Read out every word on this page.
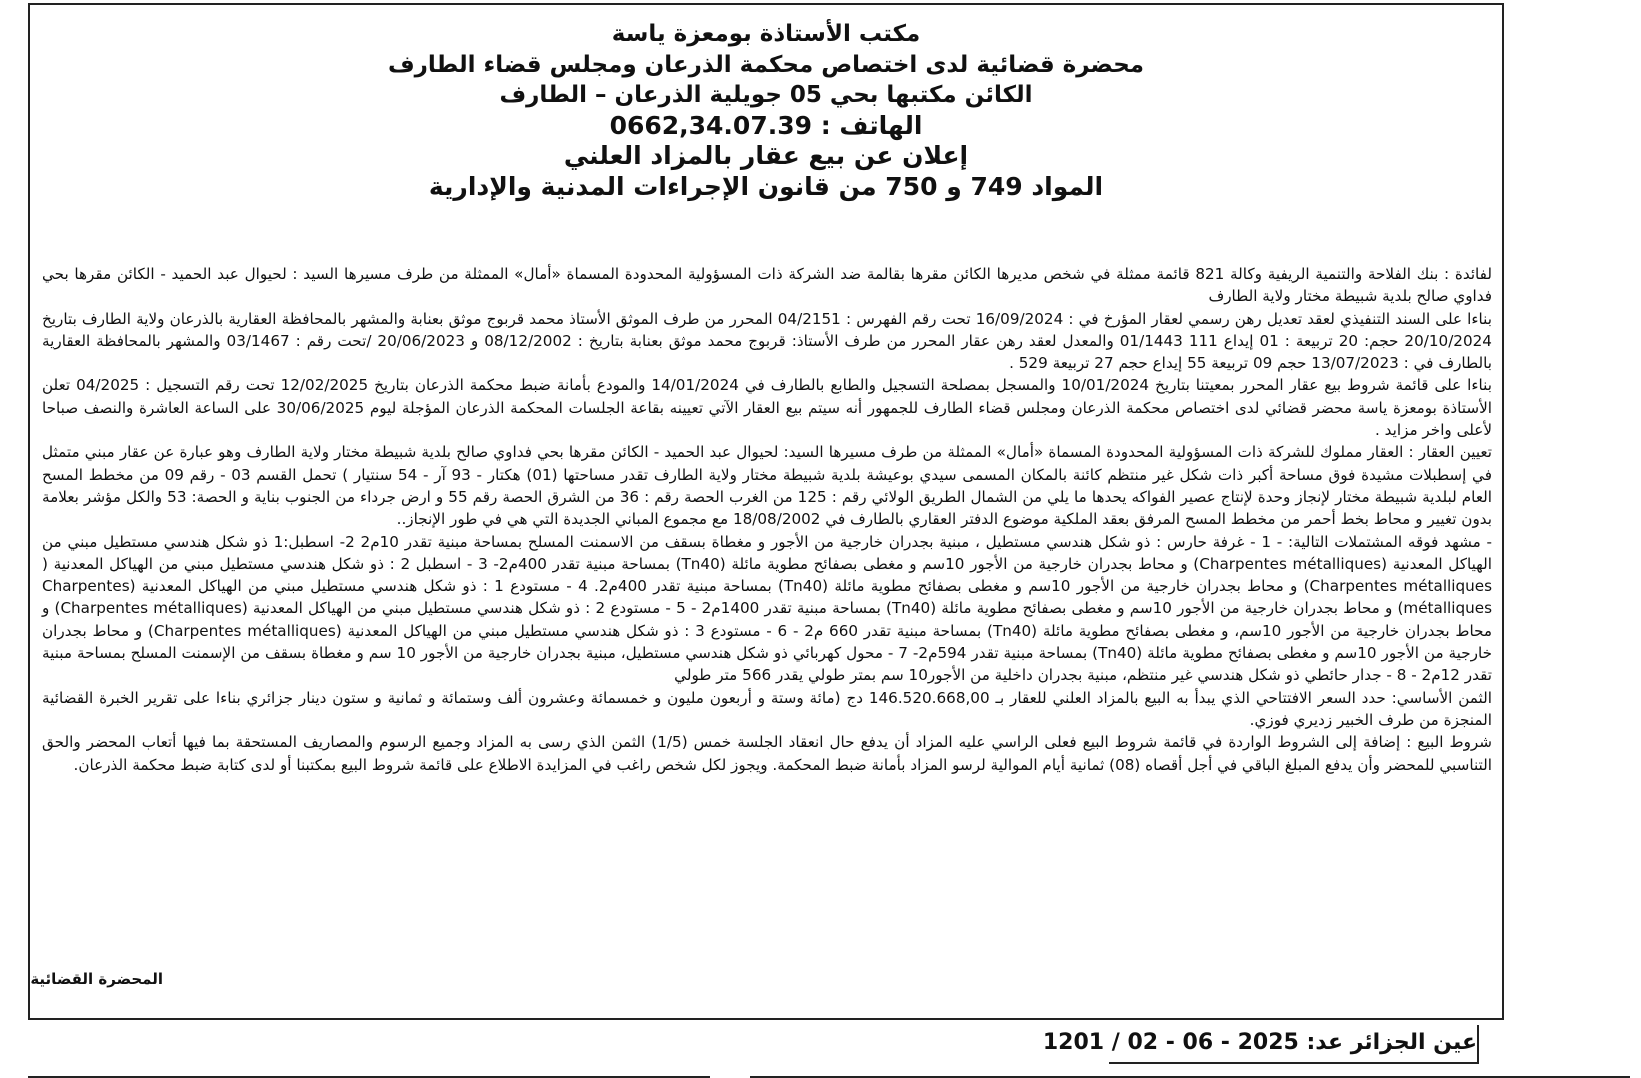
مكتب الأستاذة بومعزة ياسة
محضرة قضائية لدى اختصاص محكمة الذرعان ومجلس قضاء الطارف
الكائن مكتبها بحي 05 جويلية الذرعان – الطارف
الهاتف : 0662,34.07.39
إعلان عن بيع عقار بالمزاد العلني
المواد 749 و 750 من قانون الإجراءات المدنية والإدارية

لفائدة : بنك الفلاحة والتنمية الريفية وكالة 821 قائمة ممثلة في شخص مديرها الكائن مقرها بقالمة ضد الشركة ذات المسؤولية المحدودة المسماة «أمال» الممثلة من طرف مسيرها السيد : لحيوال عبد الحميد - الكائن مقرها بحي فداوي صالح بلدية شبيطة مختار ولاية الطارف

بناءا على السند التنفيذي لعقد تعديل رهن رسمي لعقار المؤرخ في : 16/09/2024 تحت رقم الفهرس : 04/2151 المحرر من طرف الموثق الأستاذ محمد قربوج موثق بعنابة والمشهر بالمحافظة العقارية بالذرعان ولاية الطارف بتاريخ 20/10/2024 حجم: 20 تربيعة : 01 إيداع 111 01/1443 والمعدل لعقد رهن عقار المحرر من طرف الأستاذ: قربوج محمد موثق بعنابة بتاريخ : 08/12/2002 و 20/06/2023 /تحت رقم : 03/1467 والمشهر بالمحافظة العقارية بالطارف في : 13/07/2023 حجم 09 تربيعة 55 إيداع حجم 27 تربيعة 529 .

بناءا على قائمة شروط بيع عقار المحرر بمعيتنا بتاريخ 10/01/2024 والمسجل بمصلحة التسجيل والطابع بالطارف في 14/01/2024 والمودع بأمانة ضبط محكمة الذرعان بتاريخ 12/02/2025 تحت رقم التسجيل : 04/2025 تعلن الأستاذة بومعزة ياسة محضر قضائي لدى اختصاص محكمة الذرعان ومجلس قضاء الطارف للجمهور أنه سيتم بيع العقار الآتي تعيينه بقاعة الجلسات المحكمة الذرعان المؤجلة ليوم 30/06/2025 على الساعة العاشرة والنصف صباحا لأعلى واخر مزايد .

تعيين العقار : العقار مملوك للشركة ذات المسؤولية المحدودة المسماة «أمال» الممثلة من طرف مسيرها السيد: لحيوال عبد الحميد - الكائن مقرها بحي فداوي صالح بلدية شبيطة مختار ولاية الطارف وهو عبارة عن عقار مبني متمثل في إسطبلات مشيدة فوق مساحة أكبر ذات شكل غير منتظم كائنة بالمكان المسمى سيدي بوعيشة بلدية شبيطة مختار ولاية الطارف تقدر مساحتها (01) هكتار - 93 آر - 54 سنتيار ) تحمل القسم 03 - رقم 09 من مخطط المسح العام لبلدية شبيطة مختار لإنجاز وحدة لإنتاج عصير الفواكه يحدها ما يلي من الشمال الطريق الولائي رقم : 125 من الغرب الحصة رقم : 36 من الشرق الحصة رقم 55 و ارض جرداء من الجنوب بناية و الحصة: 53 والكل مؤشر بعلامة بدون تغيير و محاط بخط أحمر من مخطط المسح المرفق بعقد الملكية موضوع الدفتر العقاري بالطارف في 18/08/2002 مع مجموع المباني الجديدة التي هي في طور الإنجاز..

- مشهد فوقه المشتملات التالية: - 1 - غرفة حارس : ذو شكل هندسي مستطيل ، مبنية بجدران خارجية من الأجور و مغطاة بسقف من الاسمنت المسلح بمساحة مبنية تقدر 10م2 2- اسطبل:1 ذو شكل هندسي مستطيل مبني من الهياكل المعدنية (Charpentes métalliques) و محاط بجدران خارجية من الأجور 10سم و مغطى بصفائح مطوية مائلة (Tn40) بمساحة مبنية تقدر 400م2- 3 - اسطبل 2 : ذو شكل هندسي مستطيل مبني من الهياكل المعدنية ( Charpentes métalliques) و محاط بجدران خارجية من الأجور 10سم و مغطى بصفائح مطوية مائلة (Tn40) بمساحة مبنية تقدر 400م2. 4 - مستودع 1 : ذو شكل هندسي مستطيل مبني من الهياكل المعدنية (Charpentes métalliques) و محاط بجدران خارجية من الأجور 10سم و مغطى بصفائح مطوية مائلة (Tn40) بمساحة مبنية تقدر 1400م2 - 5 - مستودع 2 : ذو شكل هندسي مستطيل مبني من الهياكل المعدنية (Charpentes métalliques) و محاط بجدران خارجية من الأجور 10سم، و مغطى بصفائح مطوية مائلة (Tn40) بمساحة مبنية تقدر 660 م2 - 6 - مستودع 3 : ذو شكل هندسي مستطيل مبني من الهياكل المعدنية (Charpentes métalliques) و محاط بجدران خارجية من الأجور 10سم و مغطى بصفائح مطوية مائلة (Tn40) بمساحة مبنية تقدر 594م2- 7 - محول كهربائي ذو شكل هندسي مستطيل، مبنية بجدران خارجية من الأجور 10 سم و مغطاة بسقف من الإسمنت المسلح بمساحة مبنية تقدر 12م2 - 8 - جدار حائطي ذو شكل هندسي غير منتظم، مبنية بجدران داخلية من الأجور10 سم بمتر طولي يقدر 566 متر طولي

الثمن الأساسي: حدد السعر الافتتاحي الذي يبدأ به البيع بالمزاد العلني للعقار بـ 146.520.668,00 دج (مائة وستة و أربعون مليون و خمسمائة وعشرون ألف وستمائة و ثمانية و ستون دينار جزائري بناءا على تقرير الخبرة القضائية المنجزة من طرف الخبير زديري فوزي.

شروط البيع : إضافة إلى الشروط الواردة في قائمة شروط البيع فعلى الراسي عليه المزاد أن يدفع حال انعقاد الجلسة خمس (1/5) الثمن الذي رسى به المزاد وجميع الرسوم والمصاريف المستحقة بما فيها أتعاب المحضر والحق التناسبي للمحضر وأن يدفع المبلغ الباقي في أجل أقصاه (08) ثمانية أيام الموالية لرسو المزاد بأمانة ضبط المحكمة. ويجوز لكل شخص راغب في المزايدة الاطلاع على قائمة شروط البيع بمكتبنا أو لدى كتابة ضبط محكمة الذرعان.

المحضرة القضائية
عين الجزائر عد: 1201 / 02 - 06 - 2025
